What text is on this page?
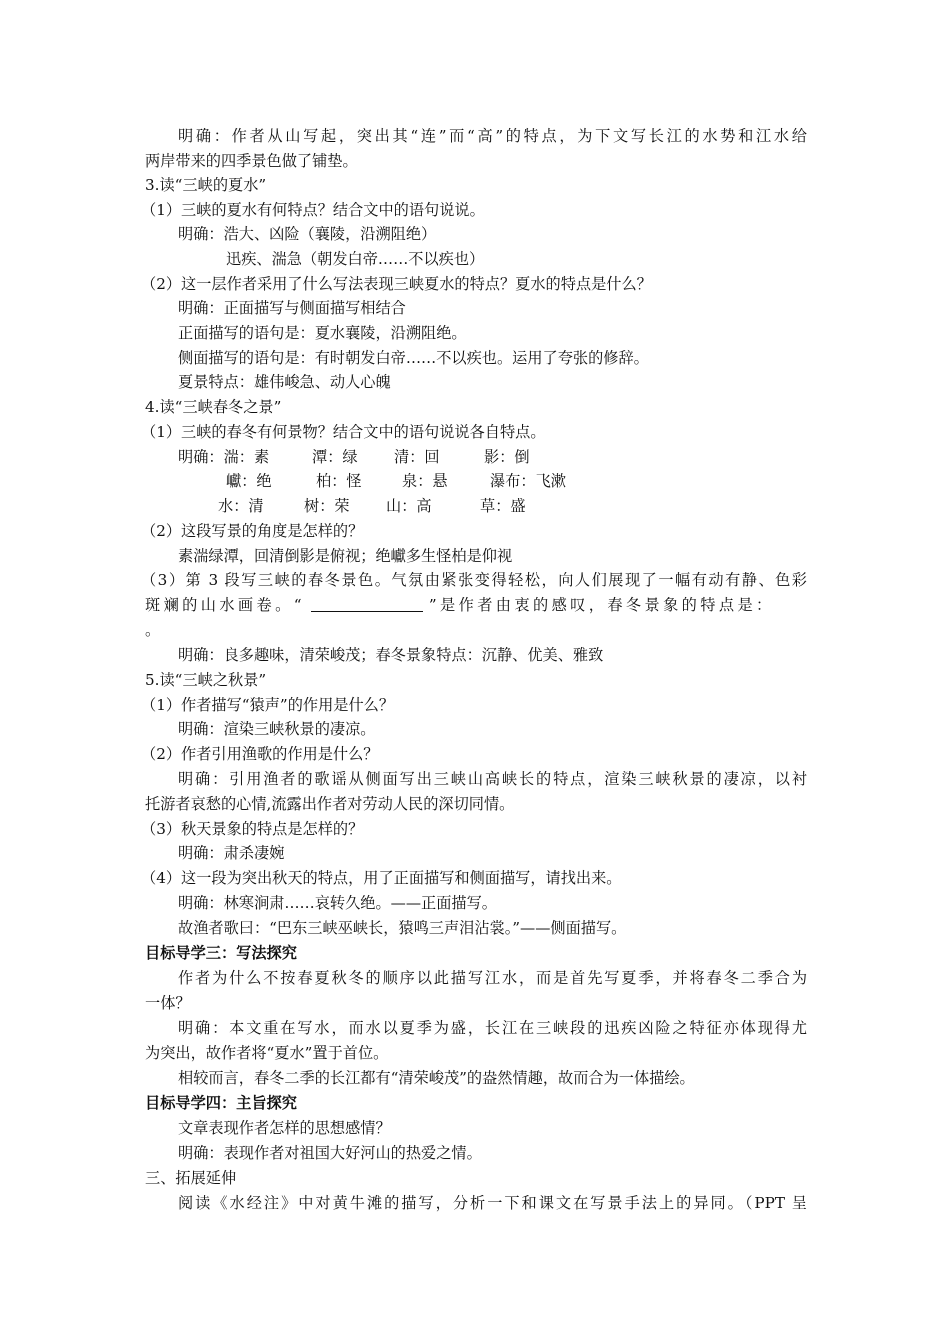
明确：作者从山写起，突出其“连”而“高”的特点，为下文写长江的水势和江水给
两岸带来的四季景色做了铺垫。
3.读“三峡的夏水”
（1）三峡的夏水有何特点？结合文中的语句说说。
明确：浩大、凶险（襄陵，沿溯阻绝）
迅疾、湍急（朝发白帝……不以疾也）
（2）这一层作者采用了什么写法表现三峡夏水的特点？夏水的特点是什么？
明确：正面描写与侧面描写相结合
正面描写的语句是：夏水襄陵，沿溯阻绝。
侧面描写的语句是：有时朝发白帝……不以疾也。运用了夸张的修辞。
夏景特点：雄伟峻急、动人心魄
4.读“三峡春冬之景”
（1）三峡的春冬有何景物？结合文中的语句说说各自特点。
明确：湍：素	潭：绿 清：回	影：倒
巘：绝	柏：怪	泉：悬	瀑布：飞漱
水：清	树：荣 山：高	草：盛
（2）这段写景的角度是怎样的？
素湍绿潭，回清倒影是俯视；绝巘多生怪柏是仰视
（3）第 3 段写三峡的春冬景色。气氛由紧张变得轻松，向人们展现了一幅有动有静、色彩
斑斓的山水画卷。“	”是作者由衷的感叹，春冬景象的特点是：
。
明确：良多趣味，清荣峻茂；春冬景象特点：沉静、优美、雅致
5.读“三峡之秋景”
（1）作者描写“猿声”的作用是什么？
明确：渲染三峡秋景的凄凉。
（2）作者引用渔歌的作用是什么？
明确：引用渔者的歌谣从侧面写出三峡山高峡长的特点，渲染三峡秋景的凄凉，以衬
托游者哀愁的心情,流露出作者对劳动人民的深切同情。
（3）秋天景象的特点是怎样的？
明确：肃杀凄婉
（4）这一段为突出秋天的特点，用了正面描写和侧面描写，请找出来。
明确：林寒涧肃……哀转久绝。——正面描写。
故渔者歌曰：“巴东三峡巫峡长，猿鸣三声泪沾裳。”——侧面描写。
目标导学三：写法探究
作者为什么不按春夏秋冬的顺序以此描写江水，而是首先写夏季，并将春冬二季合为
一体？
明确：本文重在写水，而水以夏季为盛，长江在三峡段的迅疾凶险之特征亦体现得尤
为突出，故作者将“夏水”置于首位。
相较而言，春冬二季的长江都有“清荣峻茂”的盎然情趣，故而合为一体描绘。
目标导学四：主旨探究
文章表现作者怎样的思想感情？
明确：表现作者对祖国大好河山的热爱之情。
三、拓展延伸
阅读《水经注》中对黄牛滩的描写，分析一下和课文在写景手法上的异同。（PPT 呈
